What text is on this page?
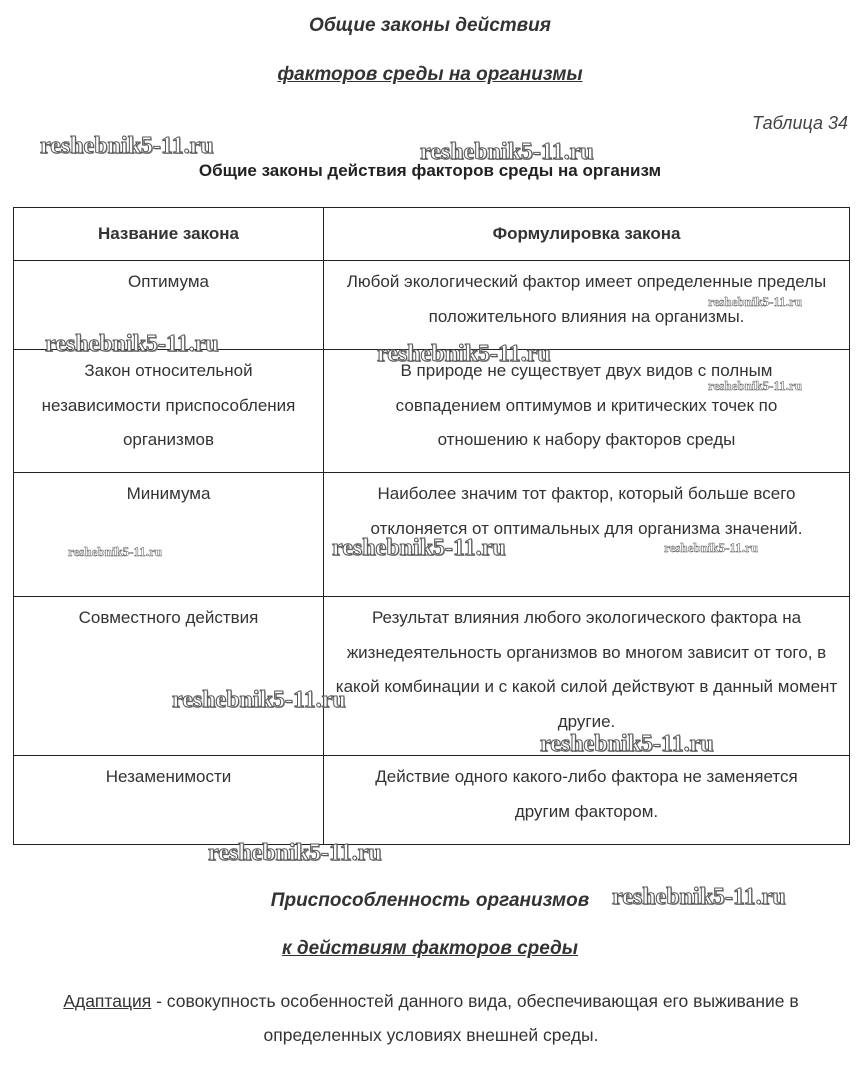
Общие законы действия
факторов среды на организмы
Таблица 34
Общие законы действия факторов среды на организм
Название закона	Формулировка закона

Оптимума	Любой экологический фактор имеет определенные пределы положительного влияния на организмы.

Закон относительной независимости приспособления организмов	В природе не существует двух видов с полным совпадением оптимумов и критических точек по отношению к набору факторов среды

Минимума	Наиболее значим тот фактор, который больше всего отклоняется от оптимальных для организма значений.

Совместного действия	Результат влияния любого экологического фактора на жизнедеятельность организмов во многом зависит от того, в какой комбинации и с какой силой действуют в данный момент другие.

Незаменимости	Действие одного какого-либо фактора не заменяется другим фактором.
Приспособленность организмов
к действиям факторов среды
Адаптация - совокупность особенностей данного вида, обеспечивающая его выживание в определенных условиях внешней среды.
reshebnik5-11.ru	reshebnik5-11.ru
reshebnik5-11.ru
reshebnik5-11.ru	reshebnik5-11.ru
reshebnik5-11.ru
reshebnik5-11.ru	reshebnik5-11.ru	reshebnik5-11.ru
reshebnik5-11.ru
reshebnik5-11.ru
reshebnik5-11.ru
reshebnik5-11.ru
